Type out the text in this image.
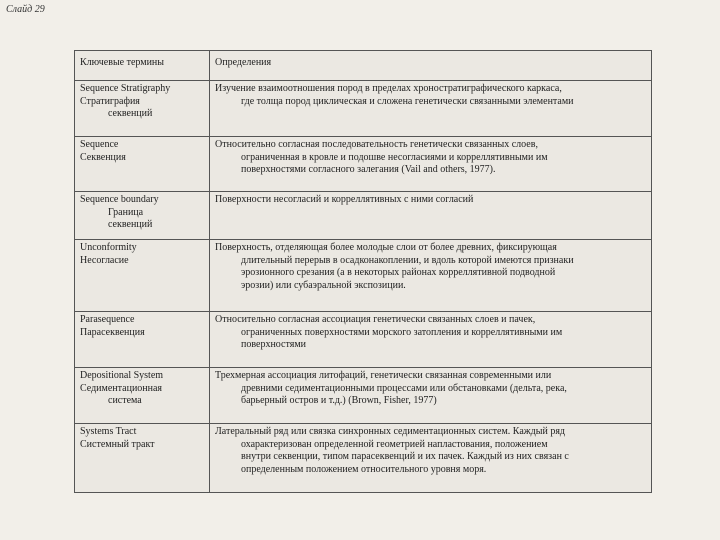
Слайд 29
Ключевые термины	Определения

Sequence Stratigraphy
Стратиграфия
секвенций	Изучение взаимоотношения пород в пределах хроностратиграфического каркаса,
где толща пород циклическая и сложена генетически связанными элементами

Sequence
Секвенция	Относительно согласная последовательность генетически связанных слоев,
ограниченная в кровле и подошве несогласиями и корреллятивными им
поверхностями согласного залегания (Vail and others, 1977).

Sequence boundary
Граница
секвенций	Поверхности несогласий и корреллятивных с ними согласий

Unconformity
Несогласие	Поверхность, отделяющая более молодые слои от более древних, фиксирующая
длительный перерыв в осадконакоплении, и вдоль которой имеются признаки
эрозионного срезания (а в некоторых районах корреллятивной подводной
эрозии) или субаэральной экспозиции.

Parasequence
Парасеквенция	Относительно согласная ассоциация генетически связанных слоев и пачек,
ограниченных поверхностями морского затопления и корреллятивными им
поверхностями

Depositional System
Седиментационная
система	Трехмерная ассоциация литофаций, генетически связанная современными или
древними седиментационными процессами или обстановками (дельта, река,
барьерный остров и т.д.) (Brown, Fisher, 1977)

Systems Tract
Системный тракт	Латеральный ряд или связка синхронных седиментационных систем. Каждый ряд
охарактеризован определенной геометрией напластования, положением
внутри секвенции, типом парасеквенций и их пачек. Каждый из них связан с
определенным положением относительного уровня моря.
